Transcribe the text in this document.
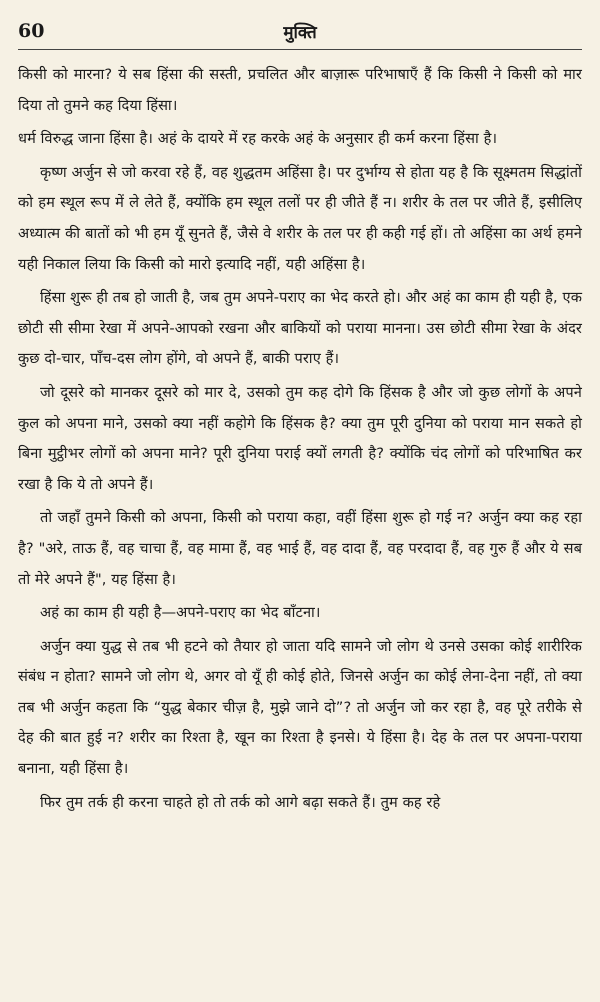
60	मुक्ति

किसी को मारना? ये सब हिंसा की सस्ती, प्रचलित और बाज़ारू परिभाषाएँ हैं कि किसी ने किसी को मार दिया तो तुमने कह दिया हिंसा।

धर्म विरुद्ध जाना हिंसा है। अहं के दायरे में रह करके अहं के अनुसार ही कर्म करना हिंसा है।

कृष्ण अर्जुन से जो करवा रहे हैं, वह शुद्धतम अहिंसा है। पर दुर्भाग्य से होता यह है कि सूक्ष्मतम सिद्धांतों को हम स्थूल रूप में ले लेते हैं, क्योंकि हम स्थूल तलों पर ही जीते हैं न। शरीर के तल पर जीते हैं, इसीलिए अध्यात्म की बातों को भी हम यूँ सुनते हैं, जैसे वे शरीर के तल पर ही कही गई हों। तो अहिंसा का अर्थ हमने यही निकाल लिया कि किसी को मारो इत्यादि नहीं, यही अहिंसा है।

हिंसा शुरू ही तब हो जाती है, जब तुम अपने-पराए का भेद करते हो। और अहं का काम ही यही है, एक छोटी सी सीमा रेखा में अपने-आपको रखना और बाकियों को पराया मानना। उस छोटी सीमा रेखा के अंदर कुछ दो-चार, पाँच-दस लोग होंगे, वो अपने हैं, बाकी पराए हैं।

जो दूसरे को मानकर दूसरे को मार दे, उसको तुम कह दोगे कि हिंसक है और जो कुछ लोगों के अपने कुल को अपना माने, उसको क्या नहीं कहोगे कि हिंसक है? क्या तुम पूरी दुनिया को पराया मान सकते हो बिना मुट्ठीभर लोगों को अपना माने? पूरी दुनिया पराई क्यों लगती है? क्योंकि चंद लोगों को परिभाषित कर रखा है कि ये तो अपने हैं।

तो जहाँ तुमने किसी को अपना, किसी को पराया कहा, वहीं हिंसा शुरू हो गई न? अर्जुन क्या कह रहा है? "अरे, ताऊ हैं, वह चाचा हैं, वह मामा हैं, वह भाई हैं, वह दादा हैं, वह परदादा हैं, वह गुरु हैं और ये सब तो मेरे अपने हैं", यह हिंसा है।

अहं का काम ही यही है—अपने-पराए का भेद बाँटना।

अर्जुन क्या युद्ध से तब भी हटने को तैयार हो जाता यदि सामने जो लोग थे उनसे उसका कोई शारीरिक संबंध न होता? सामने जो लोग थे, अगर वो यूँ ही कोई होते, जिनसे अर्जुन का कोई लेना-देना नहीं, तो क्या तब भी अर्जुन कहता कि “युद्ध बेकार चीज़ है, मुझे जाने दो”? तो अर्जुन जो कर रहा है, वह पूरे तरीके से देह की बात हुई न? शरीर का रिश्ता है, खून का रिश्ता है इनसे। ये हिंसा है। देह के तल पर अपना-पराया बनाना, यही हिंसा है।

फिर तुम तर्क ही करना चाहते हो तो तर्क को आगे बढ़ा सकते हैं। तुम कह रहे
